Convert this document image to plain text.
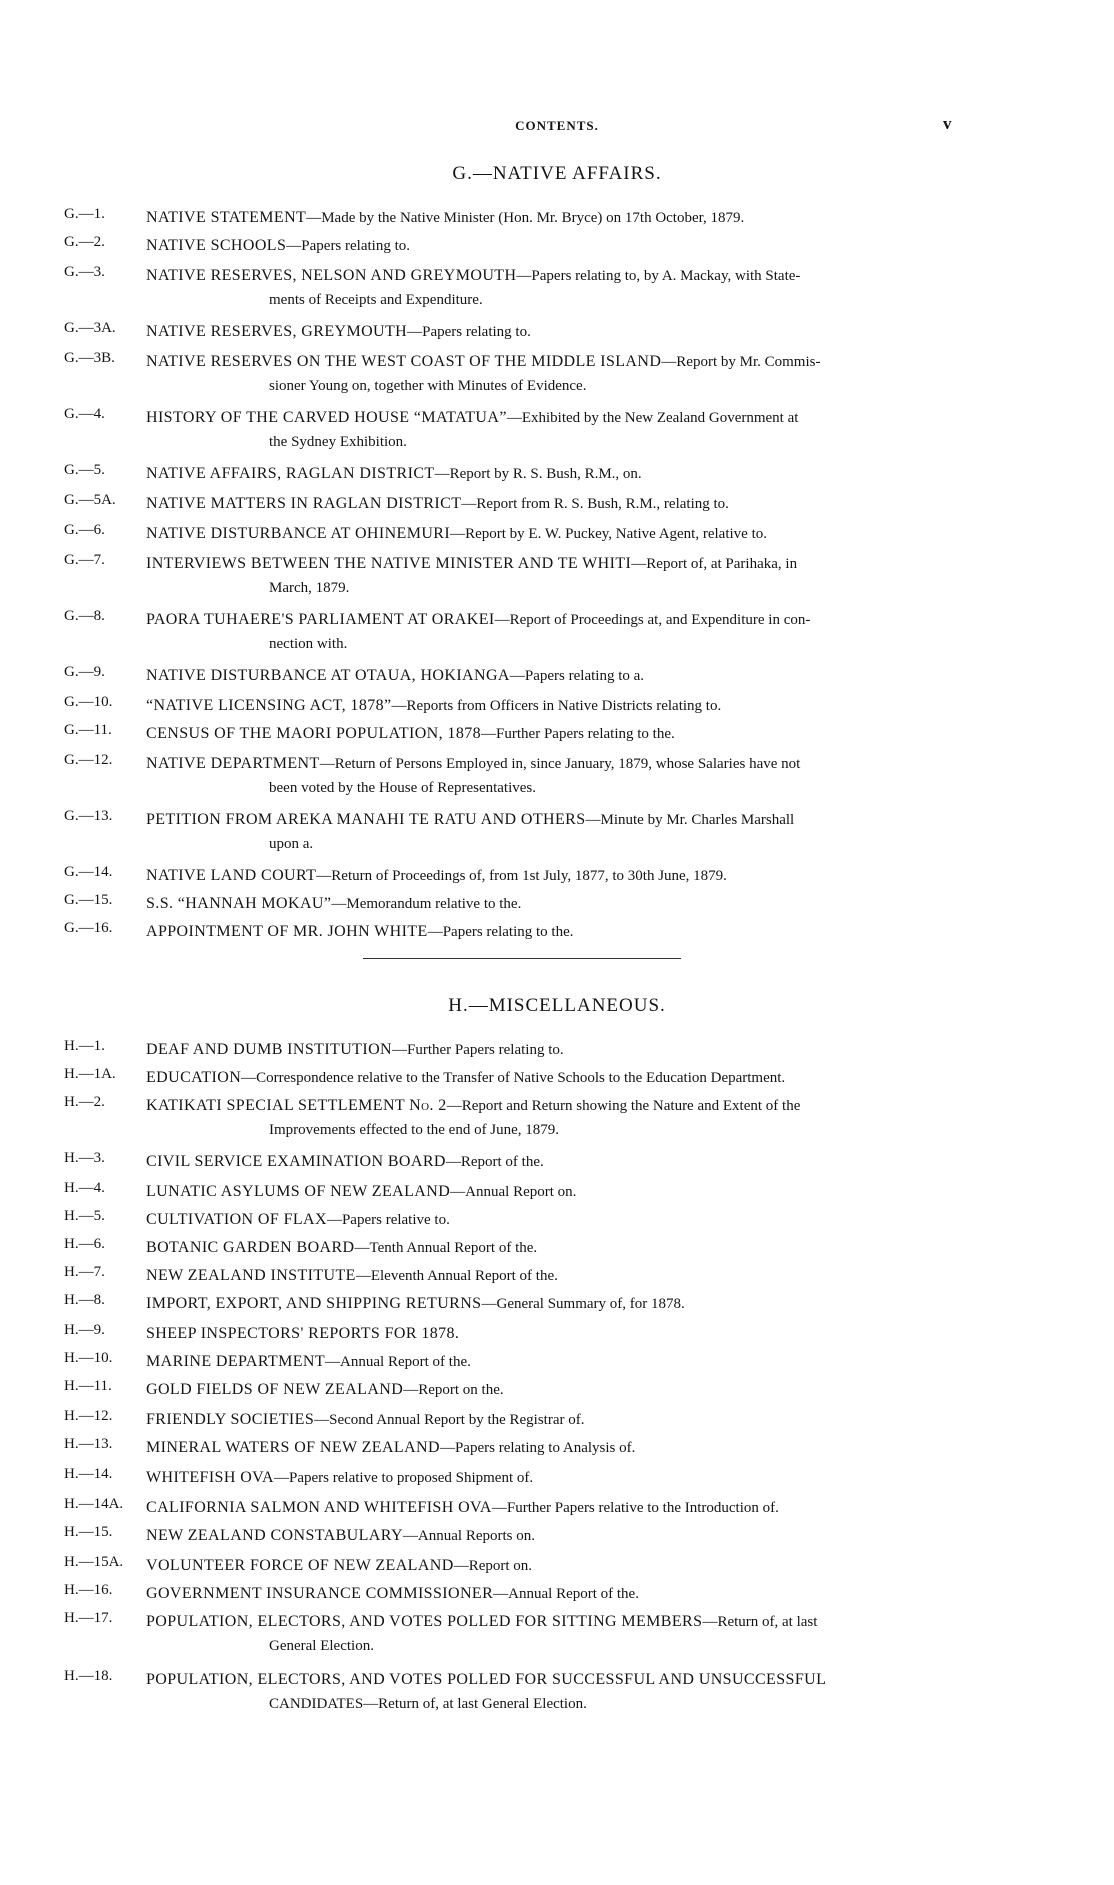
CONTENTS.	v
G.—NATIVE AFFAIRS.
G.—1.	NATIVE STATEMENT—Made by the Native Minister (Hon. Mr. Bryce) on 17th October, 1879.
G.—2.	NATIVE SCHOOLS—Papers relating to.
G.—3.	NATIVE RESERVES, NELSON AND GREYMOUTH—Papers relating to, by A. Mackay, with State-
ments of Receipts and Expenditure.
G.—3A. NATIVE RESERVES, GREYMOUTH—Papers relating to.
G.—3B. NATIVE RESERVES ON THE WEST COAST OF THE MIDDLE ISLAND—Report by Mr. Commis-
sioner Young on, together with Minutes of Evidence.
G.—4.	HISTORY OF THE CARVED HOUSE “MATATUA”—Exhibited by the New Zealand Government at
the Sydney Exhibition.
G.—5.	NATIVE AFFAIRS, RAGLAN DISTRICT—Report by R. S. Bush, R.M., on.
G.—5A. NATIVE MATTERS IN RAGLAN DISTRICT—Report from R. S. Bush, R.M., relating to.
G.—6.	NATIVE DISTURBANCE AT OHINEMURI—Report by E. W. Puckey, Native Agent, relative to.
G.—7.	INTERVIEWS BETWEEN THE NATIVE MINISTER AND TE WHITI—Report of, at Parihaka, in
March, 1879.
G.—8.	PAORA TUHAERE'S PARLIAMENT AT ORAKEI—Report of Proceedings at, and Expenditure in con-
nection with.
G.—9.	NATIVE DISTURBANCE AT OTAUA, HOKIANGA—Papers relating to a.
G.—10. “NATIVE LICENSING ACT, 1878”—Reports from Officers in Native Districts relating to.
G.—11. CENSUS OF THE MAORI POPULATION, 1878—Further Papers relating to the.
G.—12. NATIVE DEPARTMENT—Return of Persons Employed in, since January, 1879, whose Salaries have not
been voted by the House of Representatives.
G.—13. PETITION FROM AREKA MANAHI TE RATU AND OTHERS—Minute by Mr. Charles Marshall
upon a.
G.—14. NATIVE LAND COURT—Return of Proceedings of, from 1st July, 1877, to 30th June, 1879.
G.—15. S.S. “HANNAH MOKAU”—Memorandum relative to the.
G.—16. APPOINTMENT OF MR. JOHN WHITE—Papers relating to the.
H.—MISCELLANEOUS.
H.—1.	DEAF AND DUMB INSTITUTION—Further Papers relating to.
H.—1A. EDUCATION—Correspondence relative to the Transfer of Native Schools to the Education Department.
H.—2.	KATIKATI SPECIAL SETTLEMENT No. 2—Report and Return showing the Nature and Extent of the
Improvements effected to the end of June, 1879.
H.—3.	CIVIL SERVICE EXAMINATION BOARD—Report of the.
H.—4.	LUNATIC ASYLUMS OF NEW ZEALAND—Annual Report on.
H.—5.	CULTIVATION OF FLAX—Papers relative to.
H.—6.	BOTANIC GARDEN BOARD—Tenth Annual Report of the.
H.—7.	NEW ZEALAND INSTITUTE—Eleventh Annual Report of the.
H.—8.	IMPORT, EXPORT, AND SHIPPING RETURNS—General Summary of, for 1878.
H.—9.	SHEEP INSPECTORS' REPORTS FOR 1878.
H.—10. MARINE DEPARTMENT—Annual Report of the.
H.—11. GOLD FIELDS OF NEW ZEALAND—Report on the.
H.—12. FRIENDLY SOCIETIES—Second Annual Report by the Registrar of.
H.—13. MINERAL WATERS OF NEW ZEALAND—Papers relating to Analysis of.
H.—14. WHITEFISH OVA—Papers relative to proposed Shipment of.
H.—14A. CALIFORNIA SALMON AND WHITEFISH OVA—Further Papers relative to the Introduction of.
H.—15. NEW ZEALAND CONSTABULARY—Annual Reports on.
H.—15A. VOLUNTEER FORCE OF NEW ZEALAND—Report on.
H.—16. GOVERNMENT INSURANCE COMMISSIONER—Annual Report of the.
H.—17. POPULATION, ELECTORS, AND VOTES POLLED FOR SITTING MEMBERS—Return of, at last
General Election.
H.—18. POPULATION, ELECTORS, AND VOTES POLLED FOR SUCCESSFUL AND UNSUCCESSFUL
CANDIDATES—Return of, at last General Election.
